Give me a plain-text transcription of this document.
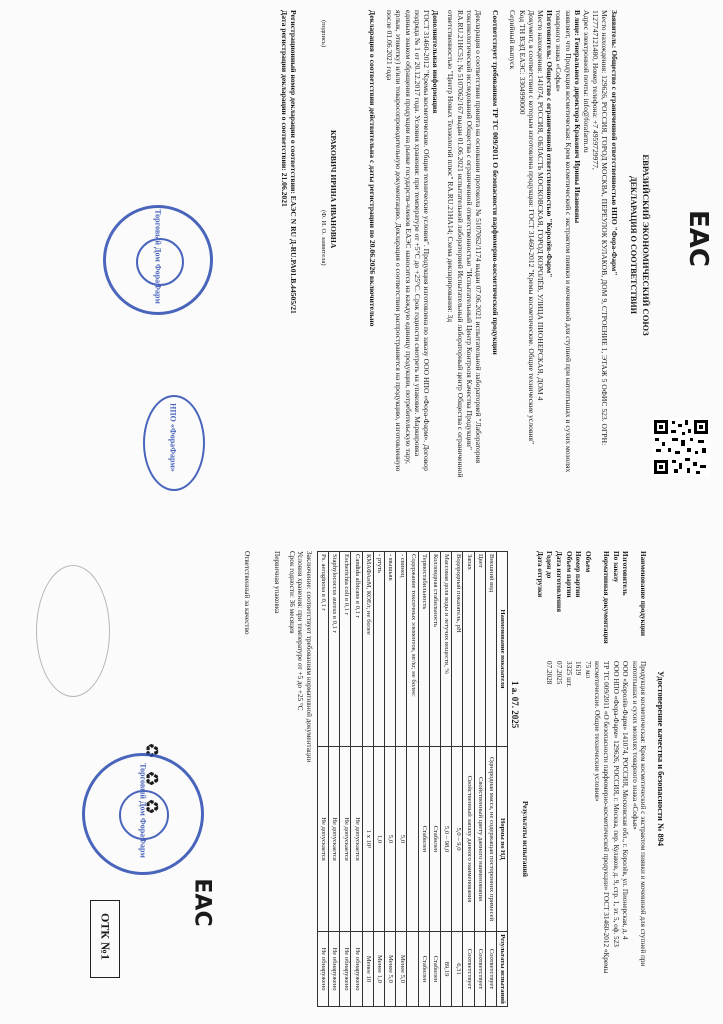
EAC
ЕВРАЗИЙСКИЙ ЭКОНОМИЧЕСКИЙ СОЮЗ
ДЕКЛАРАЦИЯ О СООТВЕТСТВИИ
Заявитель: Общество с ограниченной ответственностью НПО "Фора-Фарм"
Место нахождения: 129626, РОССИЯ, ГОРОД МОСКВА, ПЕРЕУЛОК КУЛАКОВ, ДОМ 9, СТРОЕНИЕ 1, ЭТАЖ 5 ОФИС 523. ОГРН: 1127747121480, Номер телефона: +7 4959729977,
Адрес электронной почты: info@forafarm.ru
В лице: Генерального директора Кракович Ирины Ивановны
заявляет, что Продукция косметическая: Крем косметический с экстрактом пиявки и мочевиной для ступней при натоптышах и сухих мозолях товарного знака «Софья»
Изготовитель: Общество с ограниченной ответственностью "Королёв-Фарм"
Место нахождения: 141074, РОССИЯ, ОБЛАСТЬ МОСКОВСКАЯ, ГОРОД КОРОЛЁВ, УЛИЦА ПИОНЕРСКАЯ, ДОМ 4
Документ, в соответствии с которым изготовлена продукция: ГОСТ 31460-2012 "Кремы косметические. Общие технические условия"
Код ТН ВЭД ЕАЭС: 3304990000
Серийный выпуск
Соответствует требованиям ТР ТС 009/2011 О безопасности парфюмерно-косметической продукции
Декларация о соответствии принята на основании протокола № 5107062/1174 выдан 07.06.2021 испытательной лабораторией "Лаборатория токсикологический исследований Общества с ограниченной ответственностью "Испытательный Центр Контроля Качества Продукции" RA.RU.21HC51; № 5107062/167 выдан 01.06.2021 испытательной лабораторией Испытательный лабораторный центр Общества с ограниченной ответственностью "Центр Новых Технологий плюс" RA.RU.21НА14; Схема декларирования: 3д
Дополнительная информация
ГОСТ 31460-2012 "Кремы косметические. Общие технические условия". Продукция изготовлена по заказу ООО НПО «Фора-Фарм». Договор подряда № 1 от 20.12.2017 года. Условия хранения: при температуре от +5°С до +25°С. Срок годности смотреть на упаковке. Маркировка единым знаком обращения продукции на рынке государств-членов ЕАЭС наносится на каждую единицу продукции, потребительскую тару, ярлык, этикетку) и/или товаросопроводительную документацию. Декларация о соответствии распространяется на продукцию, изготовленную после 01.06.2021 года
Декларация о соответствии действительна с даты регистрации по 20.06.2026 включительно
КРАКОВИЧ ИРИНА ИВАНОВНА
(подпись)
(Ф. И. О. заявителя)
Регистрационный номер декларации о соответствии: ЕАЭС N RU Д-RU.РА01.В.44505/21
Дата регистрации декларации о соответствии: 21.06.2021
НПО «ФораФарм»
Торговый Дом ФораФарм
Удостоверение качества и безопасности № 894
Наименование продукции
Продукция косметическая: Крем косметический с экстрактом пиявки и мочевиной для ступней при натоптышах и сухих мозолях товарного знака «Софья»
Изготовитель
ООО «Королёв-Фарм» 141074, РОССИЯ, Московская обл., г. Королёв, ул. Пионерская, д. 4
По заказу
ООО НПО «Фора-Фарм» 129626, РОССИЯ, г. Москва, пер. Кулаков, д. 9, стр. 1, эт. 5, оф. 523
Нормативная документация
ТР ТС 009/2011 «О безопасности парфюмерно-косметической продукции» ГОСТ 31460-2012 «Кремы косметические. Общие технические условия»
Объем
75 мл
Номер партии
1619
Объем партии
3325 шт.
Дата изготовления
07.2025
Годен до
07.2028
Дата отгрузки
Результаты испытаний
1 а. 07. 2025
Наименование показателя	Нормы по НД	Результаты испытаний
Внешний вид	Однородная масса, не содержащая посторонних примесей	Соответствует
Цвет	Свойственный цвету данного наименования	Соответствует
Запах	Свойственный запаху данного наименования	Соответствует
Водородный показатель, pH	5,0 – 9,0	6,31
Массовая доля воды и летучих веществ, %	5,0 – 98,0	89,19
Коллоидная стабильность	Стабилен	Стабилен
Термостабильность	Стабилен	Стабилен
Содержание токсичных элементов, мг/кг, не более:		
- свинец	5,0	Менее 5,0
- мышьяк	5,0	Менее 5,0
- ртуть	1,0	Менее 1,0
КМАФАнМ, КОЕ/г, не более	1 x 10³	Менее 10
Candida albicans в 0,1 г	Не допускается	Не обнаружено
Escherichia coli в 0,1 г	Не допускается	Не обнаружено
Staphylococcus aureus в 0,1 г	Не допускается	Не обнаружено
Ps. aeruginosa в 0,1 г	Не допускается	Не обнаружено
Заключение: соответствует требованиям нормативной документации
Условия хранения: при температуре от +5 до +25 °С
Срок годности: 36 месяцев
Первичная упаковка
Ответственный за качество
EAC
ОТК №1
♻
♻
♻
Торговый Дом ФораФарм
